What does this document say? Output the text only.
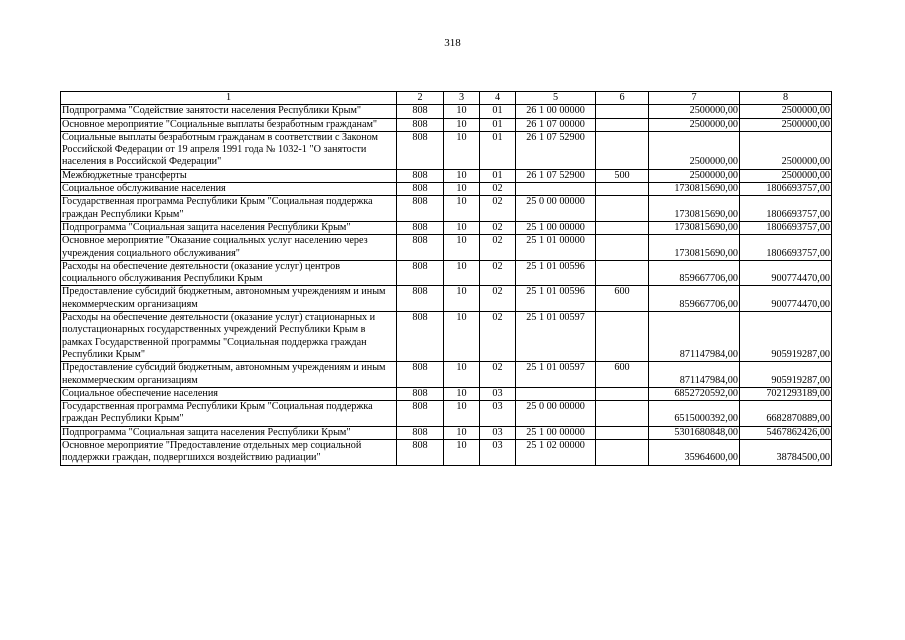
318
1	2	3	4	5	6	7	8
Подпрограмма "Содействие занятости населения Республики Крым"	808	10	01	26 1 00 00000		2500000,00	2500000,00
Основное мероприятие "Социальные выплаты безработным гражданам"	808	10	01	26 1 07 00000		2500000,00	2500000,00
Социальные выплаты безработным гражданам в соответствии с Законом Российской Федерации от 19 апреля 1991 года № 1032-1 "О занятости населения в Российской Федерации"	808	10	01	26 1 07 52900		2500000,00	2500000,00
Межбюджетные трансферты	808	10	01	26 1 07 52900	500	2500000,00	2500000,00
Социальное обслуживание населения	808	10	02			1730815690,00	1806693757,00
Государственная программа Республики Крым "Социальная поддержка граждан Республики Крым"	808	10	02	25 0 00 00000		1730815690,00	1806693757,00
Подпрограмма "Социальная защита населения Республики Крым"	808	10	02	25 1 00 00000		1730815690,00	1806693757,00
Основное мероприятие "Оказание социальных услуг населению через учреждения социального обслуживания"	808	10	02	25 1 01 00000		1730815690,00	1806693757,00
Расходы на обеспечение деятельности (оказание услуг) центров социального обслуживания Республики Крым	808	10	02	25 1 01 00596		859667706,00	900774470,00
Предоставление субсидий бюджетным, автономным учреждениям и иным некоммерческим организациям	808	10	02	25 1 01 00596	600	859667706,00	900774470,00
Расходы на обеспечение деятельности (оказание услуг) стационарных и полустационарных государственных учреждений Республики Крым в рамках Государственной программы "Социальная поддержка граждан Республики Крым"	808	10	02	25 1 01 00597		871147984,00	905919287,00
Предоставление субсидий бюджетным, автономным учреждениям и иным некоммерческим организациям	808	10	02	25 1 01 00597	600	871147984,00	905919287,00
Социальное обеспечение населения	808	10	03			6852720592,00	7021293189,00
Государственная программа Республики Крым "Социальная поддержка граждан Республики Крым"	808	10	03	25 0 00 00000		6515000392,00	6682870889,00
Подпрограмма "Социальная защита населения Республики Крым"	808	10	03	25 1 00 00000		5301680848,00	5467862426,00
Основное мероприятие "Предоставление отдельных мер социальной поддержки граждан, подвергшихся воздействию радиации"	808	10	03	25 1 02 00000		35964600,00	38784500,00
